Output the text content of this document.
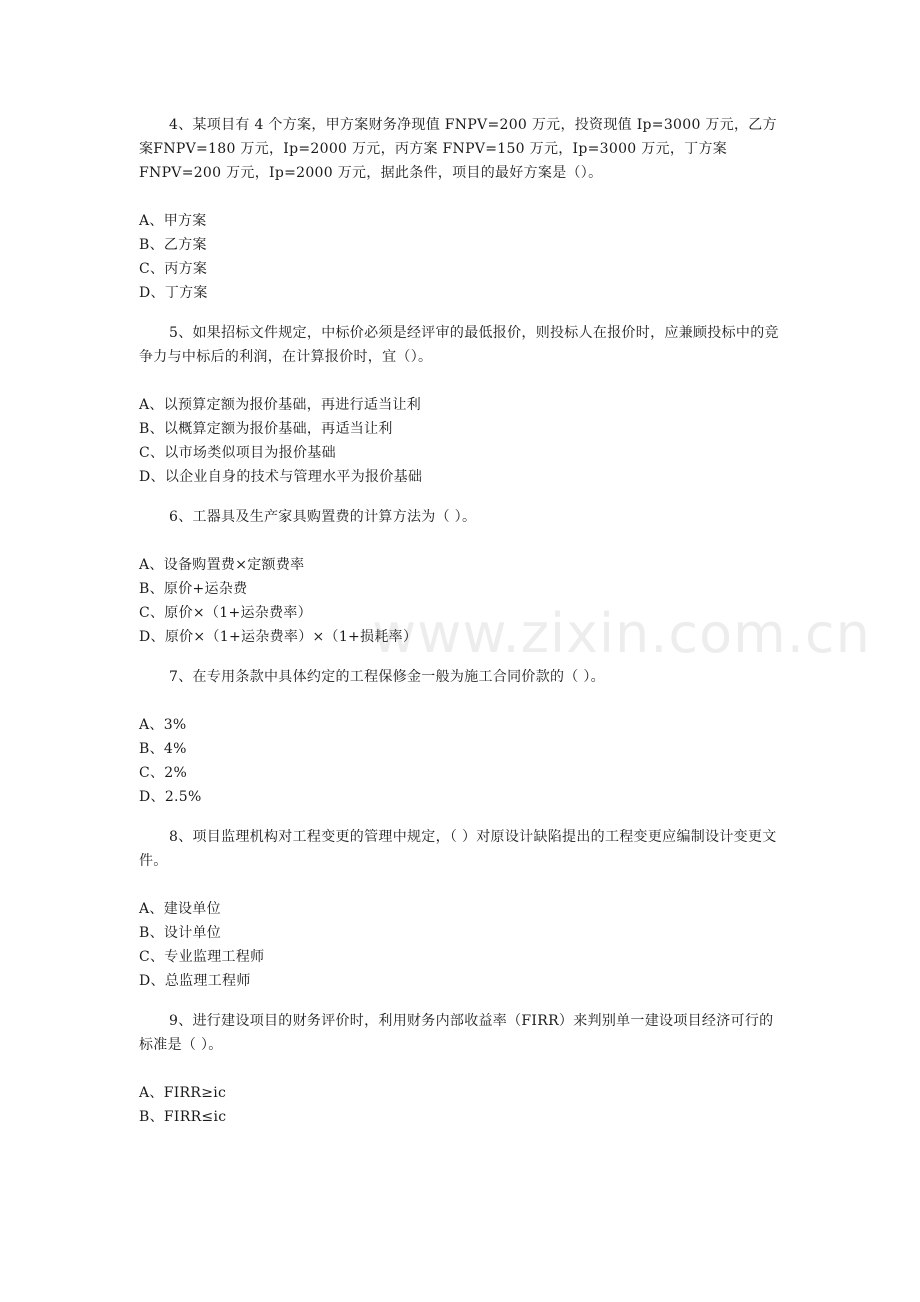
www.zixin.com.cn

4、某项目有 4 个方案，甲方案财务净现值 FNPV=200 万元，投资现值 Ip=3000 万元，乙方案FNPV=180 万元，Ip=2000 万元，丙方案 FNPV=150 万元，Ip=3000 万元，丁方案 FNPV=200 万元，Ip=2000 万元，据此条件，项目的最好方案是（）。

A、甲方案
B、乙方案
C、丙方案
D、丁方案

5、如果招标文件规定，中标价必须是经评审的最低报价，则投标人在报价时，应兼顾投标中的竞争力与中标后的利润，在计算报价时，宜（）。

A、以预算定额为报价基础，再进行适当让利
B、以概算定额为报价基础，再适当让利
C、以市场类似项目为报价基础
D、以企业自身的技术与管理水平为报价基础

6、工器具及生产家具购置费的计算方法为（ ）。

A、设备购置费×定额费率
B、原价+运杂费
C、原价×（1+运杂费率）
D、原价×（1+运杂费率）×（1+损耗率）

7、在专用条款中具体约定的工程保修金一般为施工合同价款的（ ）。

A、3%
B、4%
C、2%
D、2.5%

8、项目监理机构对工程变更的管理中规定，（ ）对原设计缺陷提出的工程变更应编制设计变更文件。

A、建设单位
B、设计单位
C、专业监理工程师
D、总监理工程师

9、进行建设项目的财务评价时，利用财务内部收益率（FIRR）来判别单一建设项目经济可行的标准是（ ）。

A、FIRR≥ic
B、FIRR≤ic
